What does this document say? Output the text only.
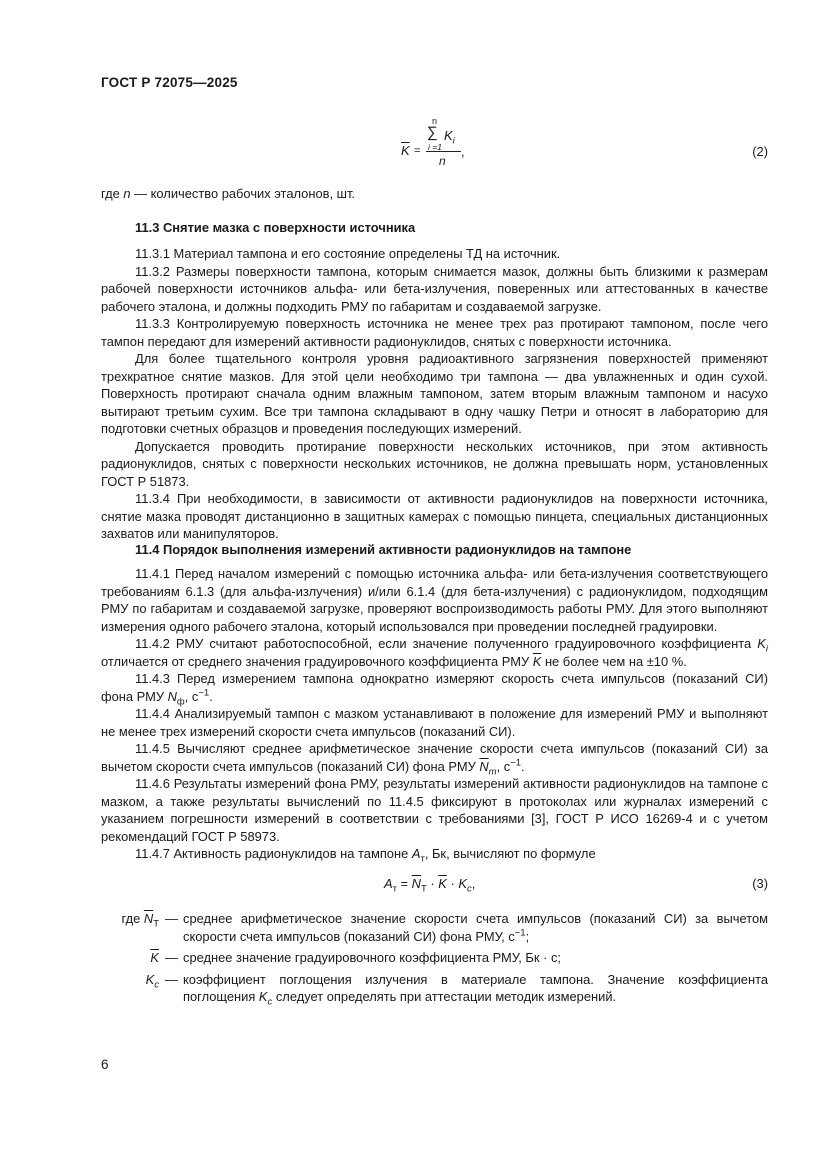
ГОСТ Р 72075—2025
$\overline{K}$ =
n
∑ $K_i$
i =1
n
,	(2)

где n — количество рабочих эталонов, шт.

11.3 Снятие мазка с поверхности источника

11.3.1 Материал тампона и его состояние определены ТД на источник.

11.3.2 Размеры поверхности тампона, которым снимается мазок, должны быть близкими к размерам рабочей поверхности источников альфа- или бета-излучения, поверенных или аттестованных в качестве рабочего эталона, и должны подходить РМУ по габаритам и создаваемой загрузке.

11.3.3 Контролируемую поверхность источника не менее трех раз протирают тампоном, после чего тампон передают для измерений активности радионуклидов, снятых с поверхности источника.

Для более тщательного контроля уровня радиоактивного загрязнения поверхностей применяют трехкратное снятие мазков. Для этой цели необходимо три тампона — два увлажненных и один сухой. Поверхность протирают сначала одним влажным тампоном, затем вторым влажным тампоном и насухо вытирают третьим сухим. Все три тампона складывают в одну чашку Петри и относят в лабораторию для подготовки счетных образцов и проведения последующих измерений.

Допускается проводить протирание поверхности нескольких источников, при этом активность радионуклидов, снятых с поверхности нескольких источников, не должна превышать норм, установленных ГОСТ Р 51873.

11.3.4 При необходимости, в зависимости от активности радионуклидов на поверхности источника, снятие мазка проводят дистанционно в защитных камерах с помощью пинцета, специальных дистанционных захватов или манипуляторов.

11.4 Порядок выполнения измерений активности радионуклидов на тампоне

11.4.1 Перед началом измерений с помощью источника альфа- или бета-излучения соответствующего требованиям 6.1.3 (для альфа-излучения) и/или 6.1.4 (для бета-излучения) с радионуклидом, подходящим РМУ по габаритам и создаваемой загрузке, проверяют воспроизводимость работы РМУ. Для этого выполняют измерения одного рабочего эталона, который использовался при проведении последней градуировки.

11.4.2 РМУ считают работоспособной, если значение полученного градуировочного коэффициента $K_i$ отличается от среднего значения градуировочного коэффициента РМУ $\overline{K}$ не более чем на ±10 %.

11.4.3 Перед измерением тампона однократно измеряют скорость счета импульсов (показаний СИ) фона РМУ $N_ф$, $с^{-1}$.

11.4.4 Анализируемый тампон с мазком устанавливают в положение для измерений РМУ и выполняют не менее трех измерений скорости счета импульсов (показаний СИ).

11.4.5 Вычисляют среднее арифметическое значение скорости счета импульсов (показаний СИ) за вычетом скорости счета импульсов (показаний СИ) фона РМУ $\overline{N}_m$, $с^{-1}$.

11.4.6 Результаты измерений фона РМУ, результаты измерений активности радионуклидов на тампоне с мазком, а также результаты вычислений по 11.4.5 фиксируют в протоколах или журналах измерений с указанием погрешности измерений в соответствии с требованиями [3], ГОСТ Р ИСО 16269-4 и с учетом рекомендаций ГОСТ Р 58973.

11.4.7 Активность радионуклидов на тампоне $A_т$, Бк, вычисляют по формуле

$A_т = \overline{N}_Т \cdot \overline{K} \cdot K_c$,	(3)
где $\overline{N}_Т$ — среднее арифметическое значение скорости счета импульсов (показаний СИ) за вычетом скорости счета импульсов (показаний СИ) фона РМУ, $с^{-1}$;
$\overline{K}$ — среднее значение градуировочного коэффициента РМУ, Бк · с;
$K_c$ — коэффициент поглощения излучения в материале тампона. Значение коэффициента поглощения $K_c$ следует определять при аттестации методик измерений.
6
